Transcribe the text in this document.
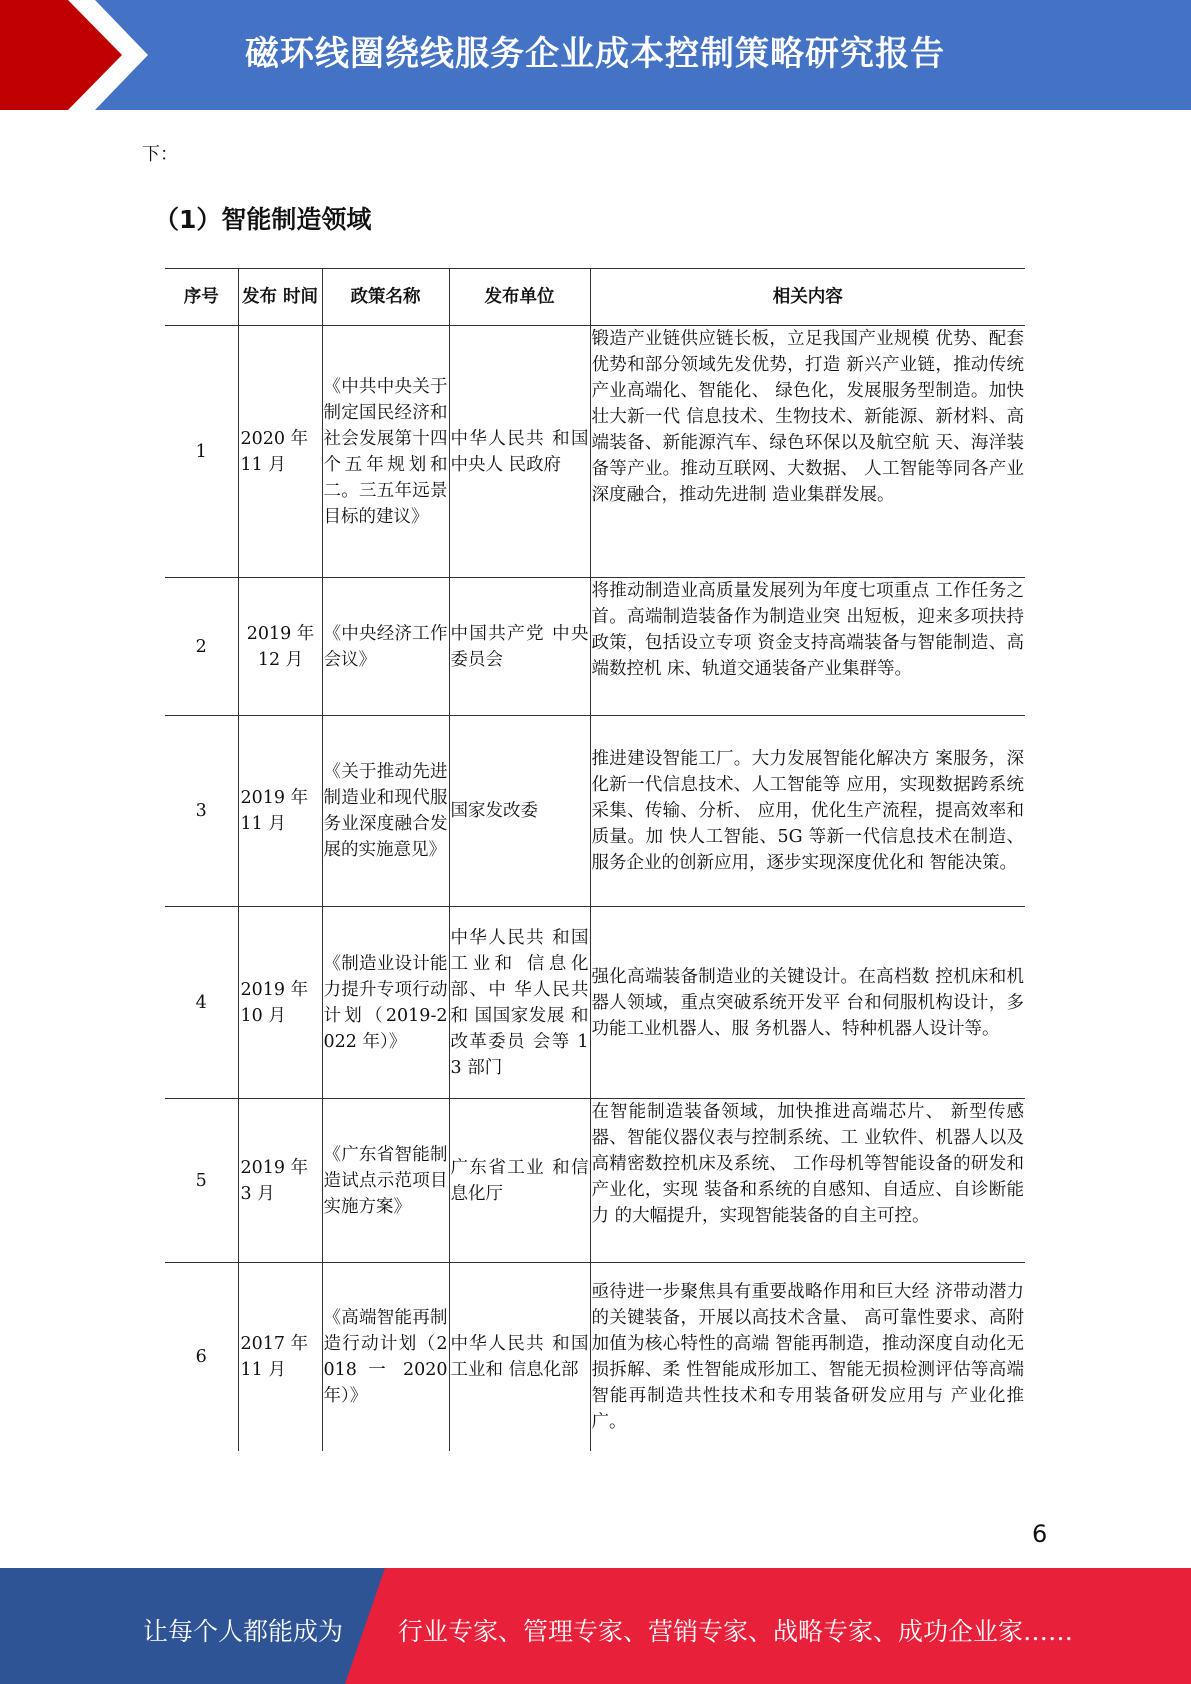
磁环线圈绕线服务企业成本控制策略研究报告
下：
（1）智能制造领域
序号	发布 时间	政策名称	发布单位	相关内容
1	2020 年 11 月	《中共中央关于制定国民经济和社会发展第十四个五年规划和二。三五年远景目标的建议》	中华人民共 和国中央人 民政府	锻造产业链供应链长板，立足我国产业规模 优势、配套优势和部分领域先发优势，打造 新兴产业链，推动传统产业高端化、智能化、 绿色化，发展服务型制造。加快壮大新一代 信息技术、生物技术、新能源、新材料、高 端装备、新能源汽车、绿色环保以及航空航 天、海洋装备等产业。推动互联网、大数据、 人工智能等同各产业深度融合，推动先进制 造业集群发展。
2	2019 年 12 月	《中央经济工作会议》	中国共产党 中央委员会	将推动制造业高质量发展列为年度七项重点 工作任务之首。高端制造装备作为制造业突 出短板，迎来多项扶持政策，包括设立专项 资金支持高端装备与智能制造、高端数控机 床、轨道交通装备产业集群等。
3	2019 年 11 月	《关于推动先进制造业和现代服务业深度融合发展的实施意见》	国家发改委	推进建设智能工厂。大力发展智能化解决方 案服务，深化新一代信息技术、人工智能等 应用，实现数据跨系统采集、传输、分析、 应用，优化生产流程，提高效率和质量。加 快人工智能、5G 等新一代信息技术在制造、 服务企业的创新应用，逐步实现深度优化和 智能决策。
4	2019 年 10 月	《制造业设计能力提升专项行动计划（2019-2022 年）》	中华人民共 和国工业和 信息化部、中 华人民共和 国国家发展 和改革委员 会等 13 部门	强化高端装备制造业的关键设计。在高档数 控机床和机器人领域，重点突破系统开发平 台和伺服机构设计，多功能工业机器人、服 务机器人、特种机器人设计等。
5	2019 年 3 月	《广东省智能制造试点示范项目实施方案》	广东省工业 和信息化厅	在智能制造装备领域，加快推进高端芯片、 新型传感器、智能仪器仪表与控制系统、工 业软件、机器人以及高精密数控机床及系统、 工作母机等智能设备的研发和产业化，实现 装备和系统的自感知、自适应、自诊断能力 的大幅提升，实现智能装备的自主可控。
6	2017 年 11 月	《高端智能再制造行动计划（2018 一 2020 年）》	中华人民共 和国工业和 信息化部	亟待进一步聚焦具有重要战略作用和巨大经 济带动潜力的关键装备，开展以高技术含量、 高可靠性要求、高附加值为核心特性的高端 智能再制造，推动深度自动化无损拆解、柔 性智能成形加工、智能无损检测评估等高端 智能再制造共性技术和专用装备研发应用与 产业化推广。
6
让每个人都能成为 行业专家、管理专家、营销专家、战略专家、成功企业家……
